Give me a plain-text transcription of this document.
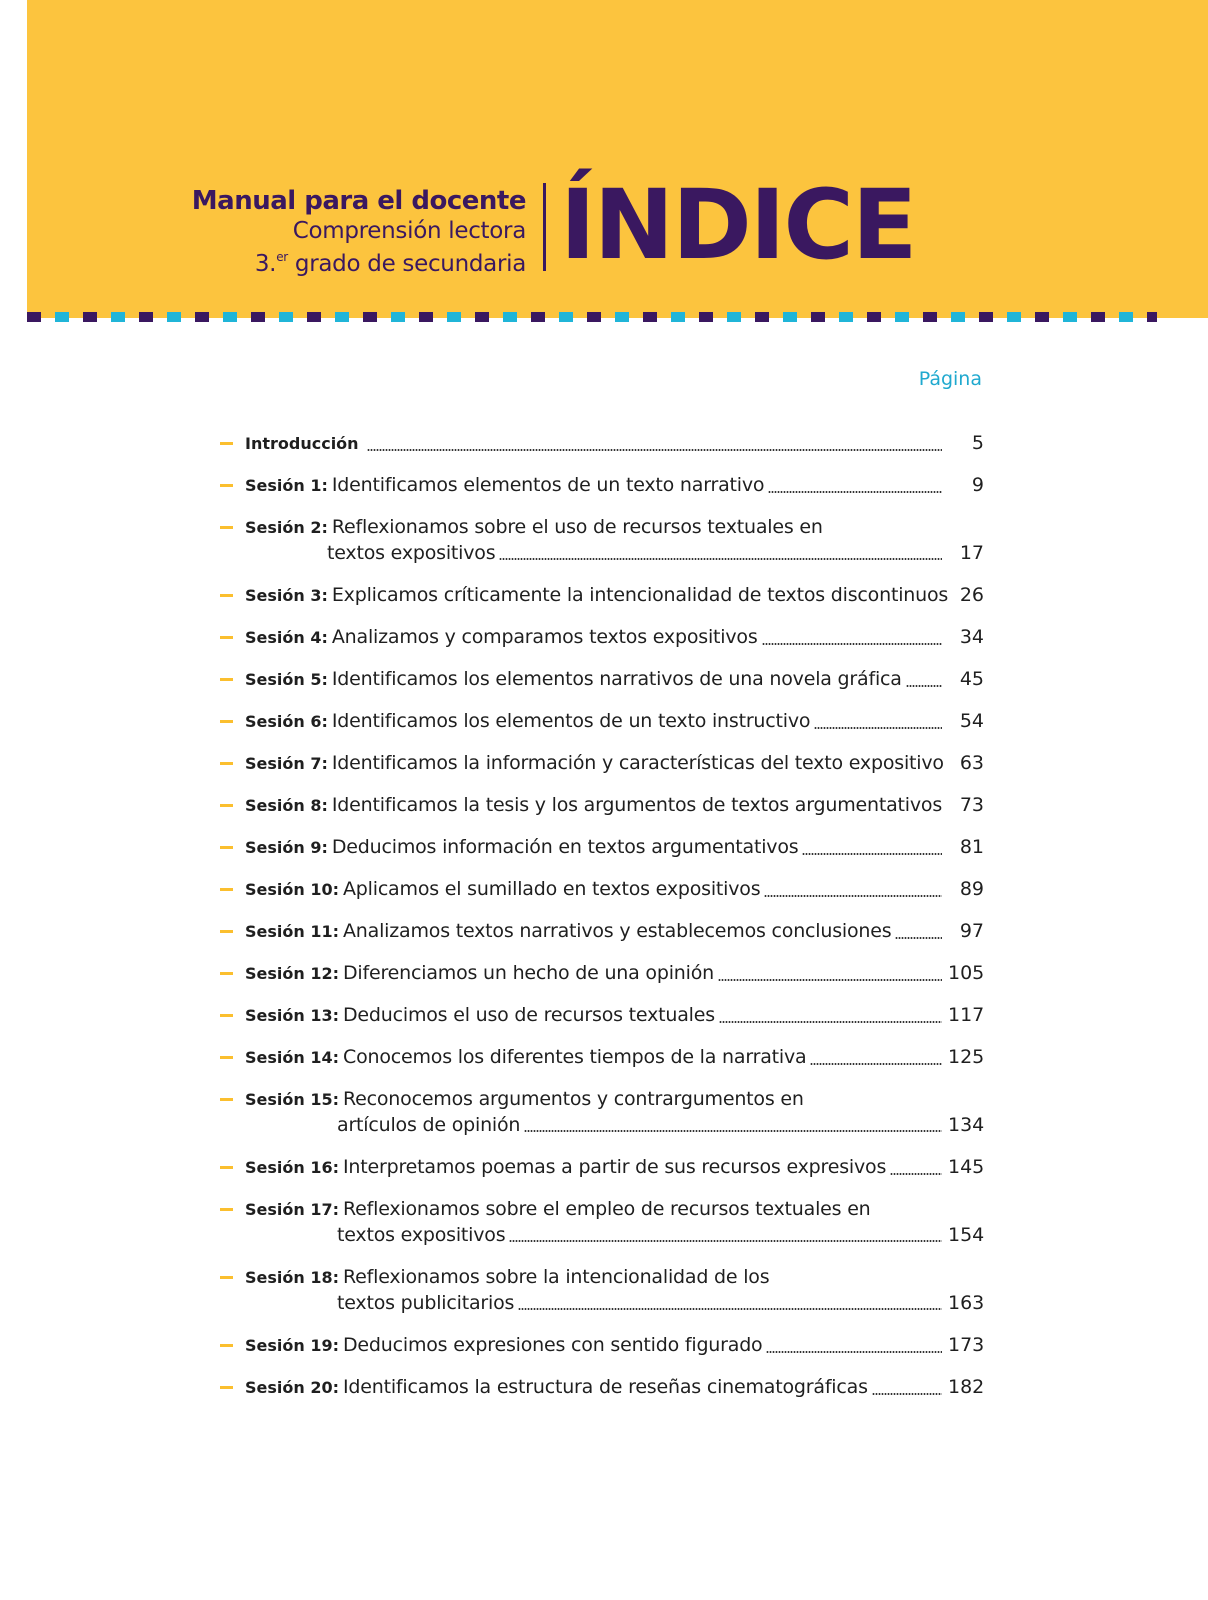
Manual para el docente
Comprensión lectora
3.$^{er}$ grado de secundaria ÍNDICE
Página
Introducción	5
Sesión 1: Identificamos elementos de un texto narrativo	9
Sesión 2: Reflexionamos sobre el uso de recursos textuales en
textos expositivos	17
Sesión 3: Explicamos críticamente la intencionalidad de textos discontinuos 26
Sesión 4: Analizamos y comparamos textos expositivos	34
Sesión 5: Identificamos los elementos narrativos de una novela gráfica	45
Sesión 6: Identificamos los elementos de un texto instructivo	54
Sesión 7: Identificamos la información y características del texto expositivo 63
Sesión 8: Identificamos la tesis y los argumentos de textos argumentativos 73
Sesión 9: Deducimos información en textos argumentativos	81
Sesión 10: Aplicamos el sumillado en textos expositivos	89
Sesión 11: Analizamos textos narrativos y establecemos conclusiones	97
Sesión 12: Diferenciamos un hecho de una opinión	105
Sesión 13: Deducimos el uso de recursos textuales	117
Sesión 14: Conocemos los diferentes tiempos de la narrativa	125
Sesión 15: Reconocemos argumentos y contrargumentos en
artículos de opinión	134
Sesión 16: Interpretamos poemas a partir de sus recursos expresivos	145
Sesión 17: Reflexionamos sobre el empleo de recursos textuales en
textos expositivos	154
Sesión 18: Reflexionamos sobre la intencionalidad de los
textos publicitarios	163
Sesión 19: Deducimos expresiones con sentido figurado	173
Sesión 20: Identificamos la estructura de reseñas cinematográficas	182
